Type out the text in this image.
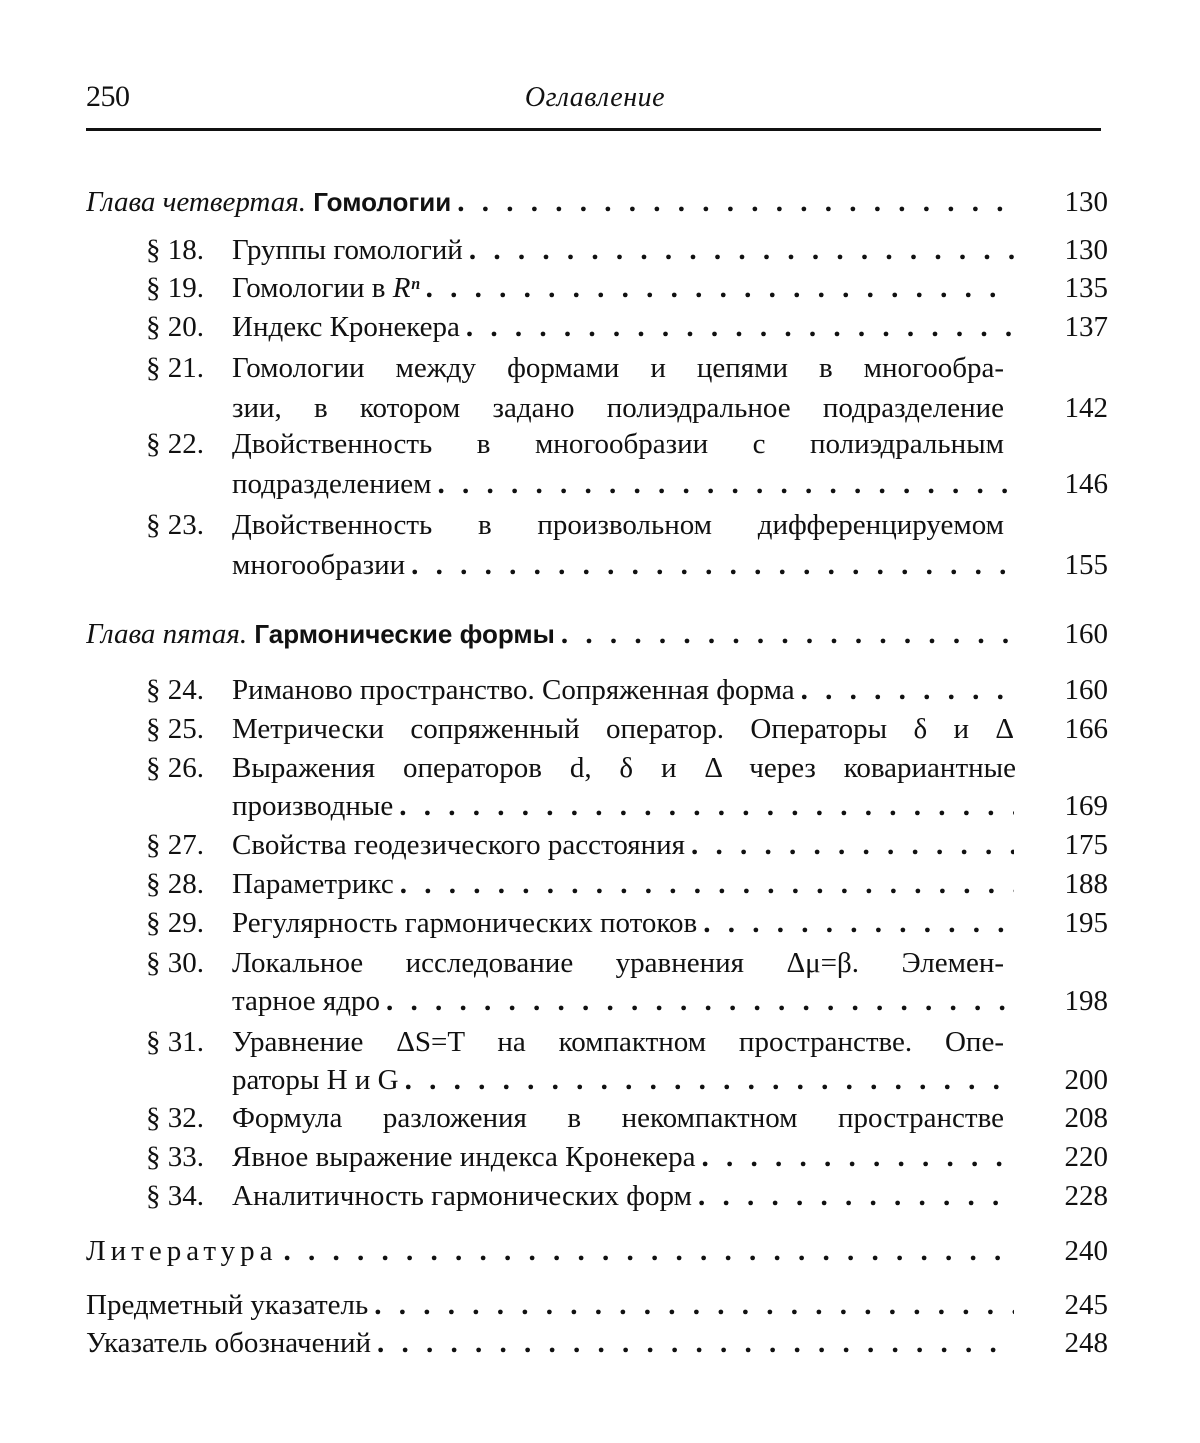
250	Оглавление
Глава четвертая. Гомологии . . .	130
§ 18. Группы гомологий . . .	130
§ 19. Гомологии в Rⁿ . . .	135
§ 20. Индекс Кронекера . . .	137
§ 21. Гомологии между формами и цепями в многообра-
зии, в котором задано полиэдральное подразделение 142
§ 22. Двойственность в многообразии с полиэдральным
подразделением . . .	146
§ 23. Двойственность в произвольном дифференцируемом
многообразии . . .	155
Глава пятая. Гармонические формы . . .	160
§ 24. Риманово пространство. Сопряженная форма . . .	160
§ 25. Метрически сопряженный оператор. Операторы δ и Δ 166
§ 26. Выражения операторов d, δ и Δ через ковариантные
производные . . .	169
§ 27. Свойства геодезического расстояния . . .	175
§ 28. Параметрикс . . .	188
§ 29. Регулярность гармонических потоков . . .	195
§ 30. Локальное исследование уравнения Δμ=β. Элемен-
тарное ядро . . .	198
§ 31. Уравнение ΔS=T на компактном пространстве. Опе-
раторы H и G . . .	200
§ 32. Формула разложения в некомпактном пространстве 208
§ 33. Явное выражение индекса Кронекера . . .	220
§ 34. Аналитичность гармонических форм . . .	228
Литература . . .	240
Предметный указатель . . .	245
Указатель обозначений . . .	248
